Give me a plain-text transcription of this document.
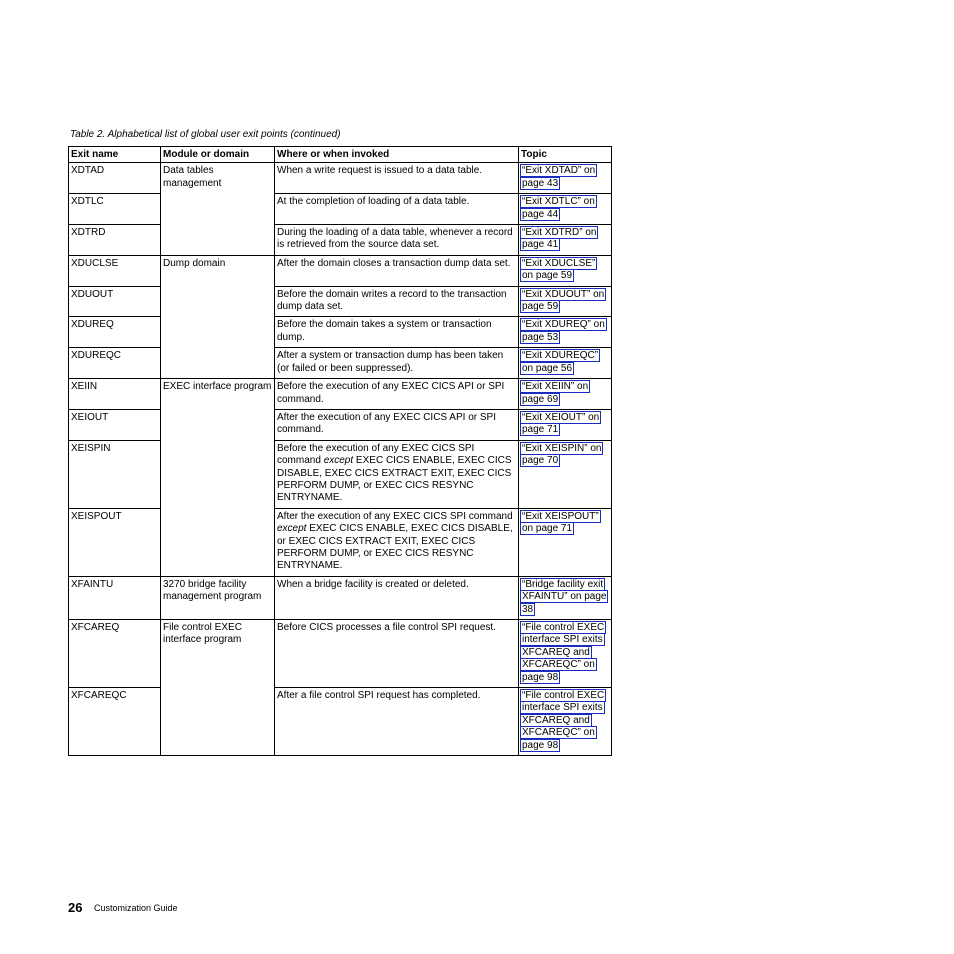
Table 2. Alphabetical list of global user exit points (continued)
Exit name	Module or domain	Where or when invoked	Topic
XDTAD	Data tables management	When a write request is issued to a data table.	“Exit XDTAD” on page 43
XDTLC		At the completion of loading of a data table.	“Exit XDTLC” on page 44
XDTRD		During the loading of a data table, whenever a record is retrieved from the source data set.	“Exit XDTRD” on page 41
XDUCLSE	Dump domain	After the domain closes a transaction dump data set.	“Exit XDUCLSE” on page 59
XDUOUT		Before the domain writes a record to the transaction dump data set.	“Exit XDUOUT” on page 59
XDUREQ		Before the domain takes a system or transaction dump.	“Exit XDUREQ” on page 53
XDUREQC		After a system or transaction dump has been taken (or failed or been suppressed).	“Exit XDUREQC” on page 56
XEIIN	EXEC interface program	Before the execution of any EXEC CICS API or SPI command.	“Exit XEIIN” on page 69
XEIOUT		After the execution of any EXEC CICS API or SPI command.	“Exit XEIOUT” on page 71
XEISPIN		Before the execution of any EXEC CICS SPI command except EXEC CICS ENABLE, EXEC CICS DISABLE, EXEC CICS EXTRACT EXIT, EXEC CICS PERFORM DUMP, or EXEC CICS RESYNC ENTRYNAME.	“Exit XEISPIN” on page 70
XEISPOUT		After the execution of any EXEC CICS SPI command except EXEC CICS ENABLE, EXEC CICS DISABLE, or EXEC CICS EXTRACT EXIT, EXEC CICS PERFORM DUMP, or EXEC CICS RESYNC ENTRYNAME.	“Exit XEISPOUT” on page 71
XFAINTU	3270 bridge facility management program	When a bridge facility is created or deleted.	“Bridge facility exit XFAINTU” on page 38
XFCAREQ	File control EXEC interface program	Before CICS processes a file control SPI request.	“File control EXEC interface SPI exits XFCAREQ and XFCAREQC” on page 98
XFCAREQC		After a file control SPI request has completed.	“File control EXEC interface SPI exits XFCAREQ and XFCAREQC” on page 98
26 Customization Guide
